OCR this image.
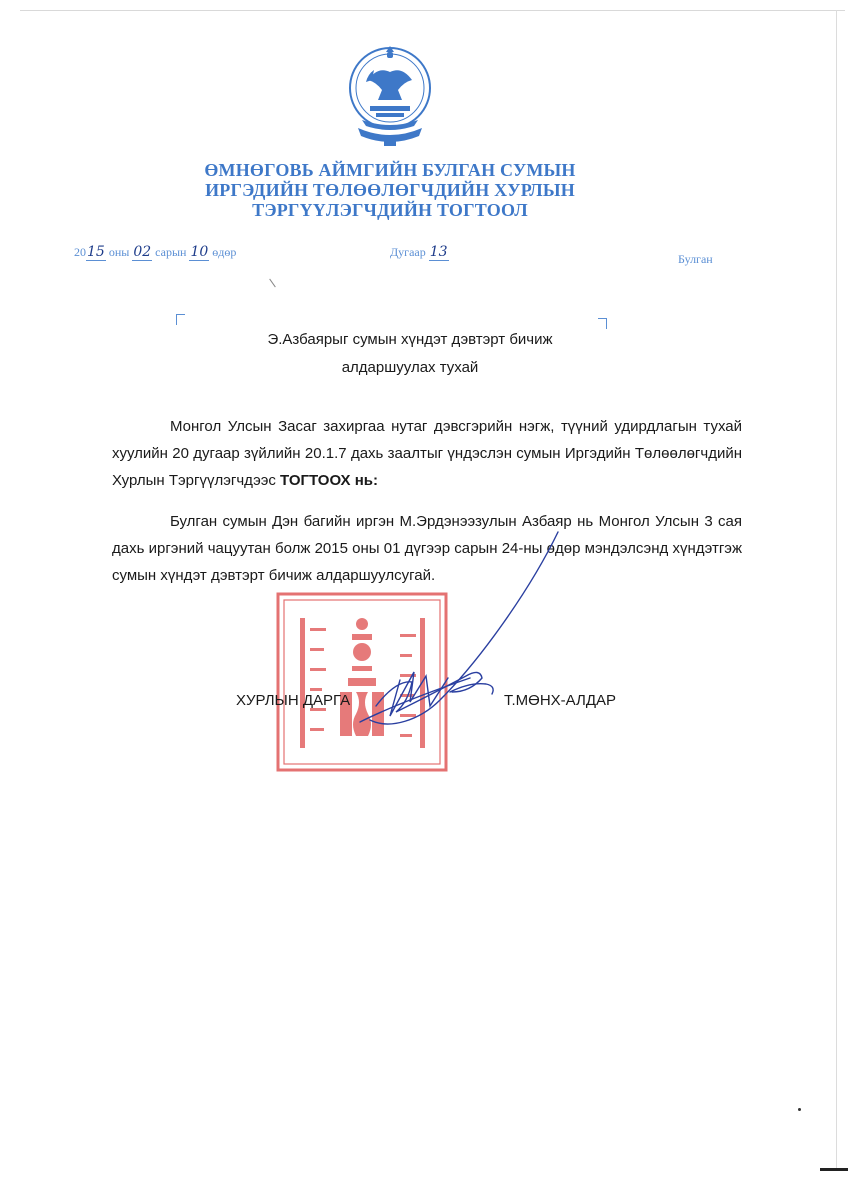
ӨМНӨГОВЬ АЙМГИЙН БУЛГАН СУМЫН
ИРГЭДИЙН ТӨЛӨӨЛӨГЧДИЙН ХУРЛЫН
ТЭРГҮҮЛЭГЧДИЙН ТОГТООЛ
2015 оны 02 сарын 10 өдөр	Дугаар 13	Булган
Э.Азбаярыг сумын хүндэт дэвтэрт бичиж
алдаршуулах тухай
Монгол Улсын Засаг захиргаа нутаг дэвсгэрийн нэгж, түүний удирдлагын тухай хуулийн 20 дугаар зүйлийн 20.1.7 дахь заалтыг үндэслэн сумын Иргэдийн Төлөөлөгчдийн Хурлын Тэргүүлэгчдээс ТОГТООХ нь:
Булган сумын Дэн багийн иргэн М.Эрдэнээзулын Азбаяр нь Монгол Улсын 3 сая дахь иргэний чацуутан болж 2015 оны 01 дүгээр сарын 24-ны өдөр мэндэлсэнд хүндэтгэж сумын хүндэт дэвтэрт бичиж алдаршуулсугай.
ХУРЛЫН ДАРГА	Т.МӨНХ-АЛДАР
